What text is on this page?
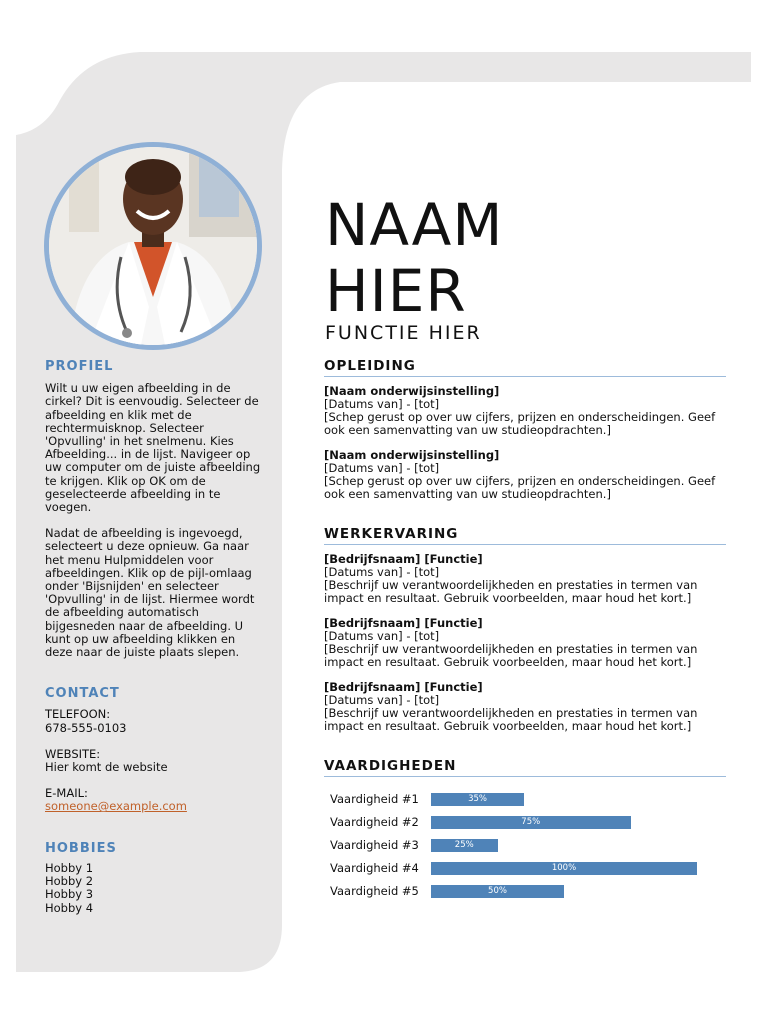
PROFIEL

Wilt u uw eigen afbeelding in de
cirkel? Dit is eenvoudig. Selecteer de
afbeelding en klik met de
rechtermuisknop. Selecteer
'Opvulling' in het snelmenu. Kies
Afbeelding... in de lijst. Navigeer op
uw computer om de juiste afbeelding
te krijgen. Klik op OK om de
geselecteerde afbeelding in te
voegen.

Nadat de afbeelding is ingevoegd,
selecteert u deze opnieuw. Ga naar
het menu Hulpmiddelen voor
afbeeldingen. Klik op de pijl-omlaag
onder 'Bijsnijden' en selecteer
'Opvulling' in de lijst. Hiermee wordt
de afbeelding automatisch
bijgesneden naar de afbeelding. U
kunt op uw afbeelding klikken en
deze naar de juiste plaats slepen.

CONTACT

TELEFOON:

678-555-0103

WEBSITE:

Hier komt de website

E-MAIL:

someone@example.com

HOBBIES

Hobby 1

Hobby 2

Hobby 3

Hobby 4

NAAM
HIER

FUNCTIE HIER

OPLEIDING

[Naam onderwijsinstelling]

[Datums van] - [tot]

[Schep gerust op over uw cijfers, prijzen en onderscheidingen. Geef

ook een samenvatting van uw studieopdrachten.]

[Naam onderwijsinstelling]

[Datums van] - [tot]

[Schep gerust op over uw cijfers, prijzen en onderscheidingen. Geef

ook een samenvatting van uw studieopdrachten.]

WERKERVARING

[Bedrijfsnaam] [Functie]

[Datums van] - [tot]

[Beschrijf uw verantwoordelijkheden en prestaties in termen van

impact en resultaat. Gebruik voorbeelden, maar houd het kort.]

[Bedrijfsnaam] [Functie]

[Datums van] - [tot]

[Beschrijf uw verantwoordelijkheden en prestaties in termen van

impact en resultaat. Gebruik voorbeelden, maar houd het kort.]

[Bedrijfsnaam] [Functie]

[Datums van] - [tot]

[Beschrijf uw verantwoordelijkheden en prestaties in termen van

impact en resultaat. Gebruik voorbeelden, maar houd het kort.]

VAARDIGHEDEN

Vaardigheid #1	35%
Vaardigheid #2	75%
Vaardigheid #3	25%
Vaardigheid #4	100%
Vaardigheid #5	50%
